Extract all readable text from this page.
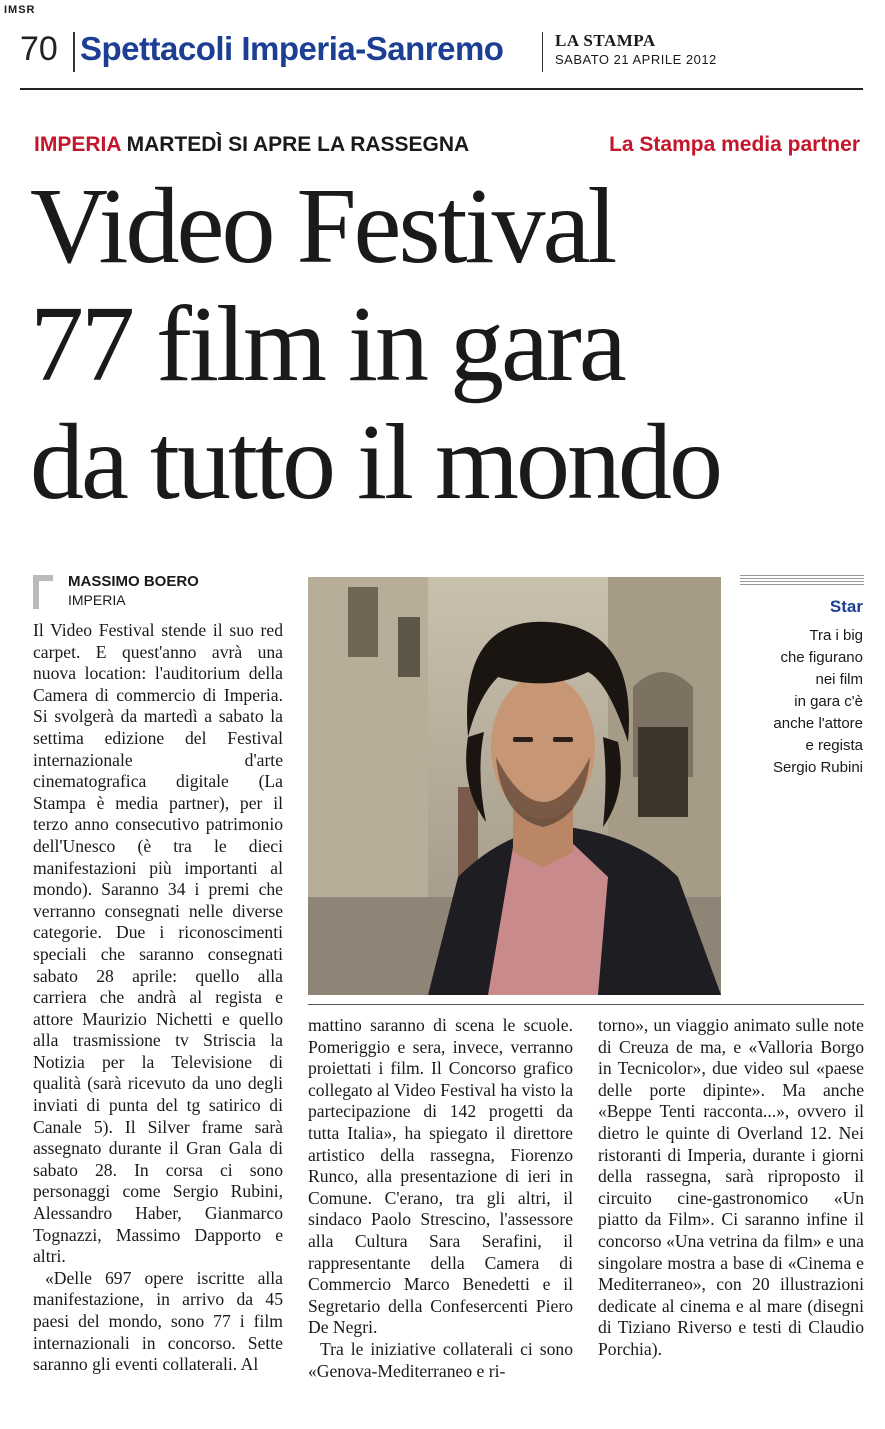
IMSR
70 Spettacoli Imperia-Sanremo	LA STAMPA
SABATO 21 APRILE 2012
IMPERIA MARTEDÌ SI APRE LA RASSEGNA	La Stampa media partner
Video Festival
77 film in gara
da tutto il mondo
MASSIMO BOERO
IMPERIA

Il Video Festival stende il suo red carpet. E quest'anno avrà una nuova location: l'auditorium della Camera di commercio di Imperia. Si svolgerà da martedì a sabato la settima edizione del Festival internazionale d'arte cinematografica digitale (La Stampa è media partner), per il terzo anno consecutivo patrimonio dell'Unesco (è tra le dieci manifestazioni più importanti al mondo). Saranno 34 i premi che verranno consegnati nelle diverse categorie. Due i riconoscimenti speciali che saranno consegnati sabato 28 aprile: quello alla carriera che andrà al regista e attore Maurizio Nichetti e quello alla trasmissione tv Striscia la Notizia per la Televisione di qualità (sarà ricevuto da uno degli inviati di punta del tg satirico di Canale 5). Il Silver frame sarà assegnato durante il Gran Gala di sabato 28. In corsa ci sono personaggi come Sergio Rubini, Alessandro Haber, Gianmarco Tognazzi, Massimo Dapporto e altri.

«Delle 697 opere iscritte alla manifestazione, in arrivo da 45 paesi del mondo, sono 77 i film internazionali in concorso. Sette saranno gli eventi collaterali. Al

Star
Tra i big
che figurano
nei film
in gara c'è
anche l'attore
e regista
Sergio Rubini

mattino saranno di scena le scuole. Pomeriggio e sera, invece, verranno proiettati i film. Il Concorso grafico collegato al Video Festival ha visto la partecipazione di 142 progetti da tutta Italia», ha spiegato il direttore artistico della rassegna, Fiorenzo Runco, alla presentazione di ieri in Comune. C'erano, tra gli altri, il sindaco Paolo Strescino, l'assessore alla Cultura Sara Serafini, il rappresentante della Camera di Commercio Marco Benedetti e il Segretario della Confesercenti Piero De Negri.

Tra le iniziative collaterali ci sono «Genova-Mediterraneo e ri-

torno», un viaggio animato sulle note di Creuza de ma, e «Valloria Borgo in Tecnicolor», due video sul «paese delle porte dipinte». Ma anche «Beppe Tenti racconta...», ovvero il dietro le quinte di Overland 12. Nei ristoranti di Imperia, durante i giorni della rassegna, sarà riproposto il circuito cine-gastronomico «Un piatto da Film». Ci saranno infine il concorso «Una vetrina da film» e una singolare mostra a base di «Cinema e Mediterraneo», con 20 illustrazioni dedicate al cinema e al mare (disegni di Tiziano Riverso e testi di Claudio Porchia).
